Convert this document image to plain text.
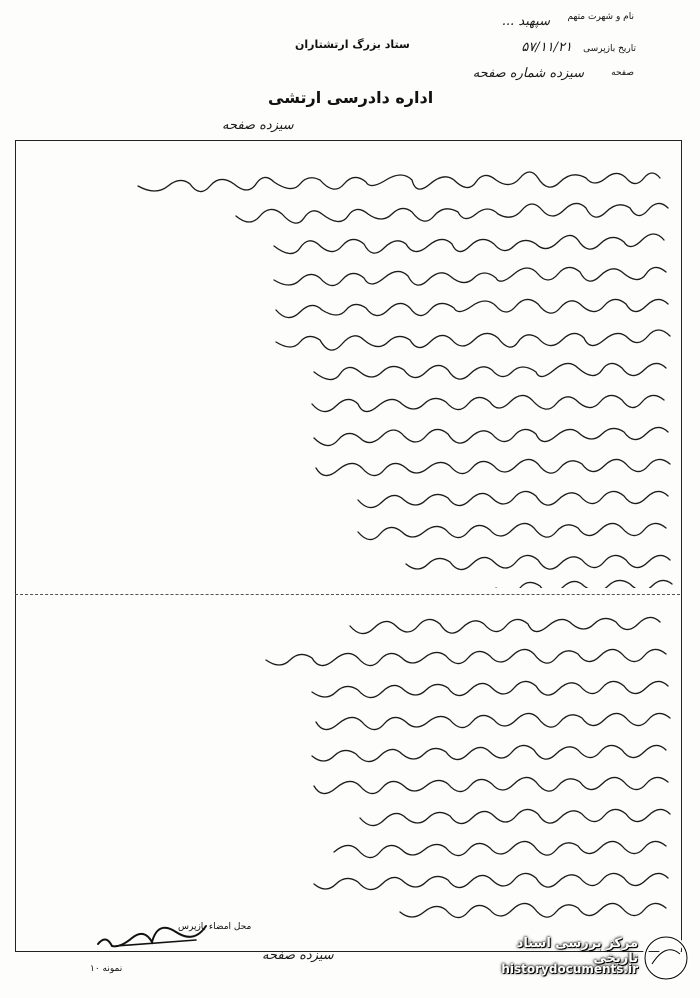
نام و شهرت متهم
سپهبد ...
تاریخ بازپرسی
۵۷/۱۱/۲۱
صفحه
سیزده شماره صفحه
ستاد بزرگ ارتشتاران
اداره دادرسی ارتشی
سیزده صفحه
محل امضاء بازپرس
نمونه ۱۰
سیزده صفحه
مرکز بررسی اسناد تاریخی
historydocuments.ir
